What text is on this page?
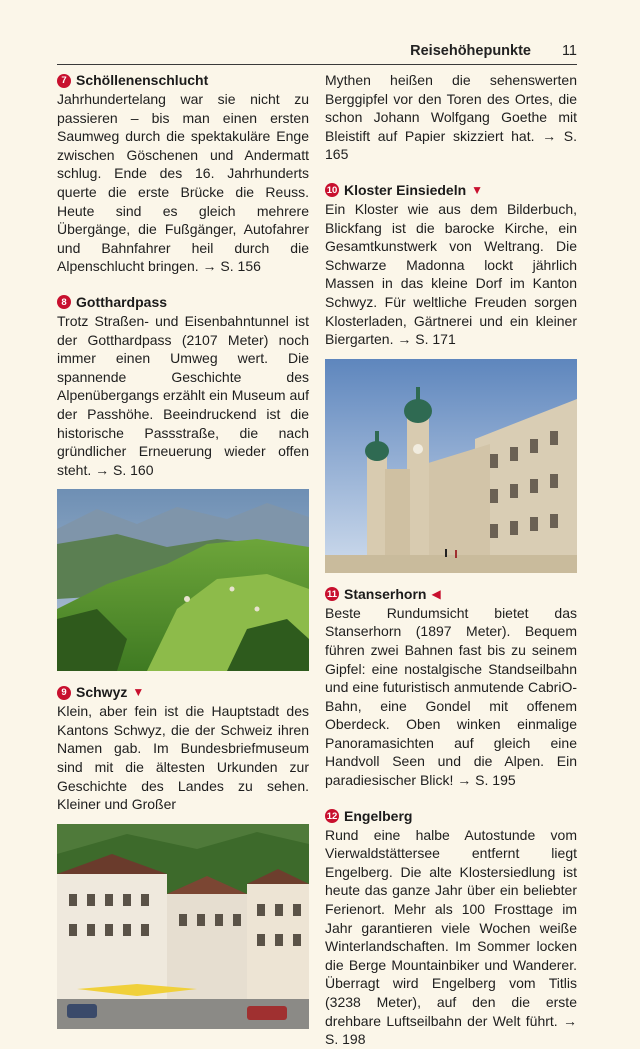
Reisehöhepunkte 11
7 Schöllenenschlucht

Jahrhundertelang war sie nicht zu passieren – bis man einen ersten Saumweg durch die spektakuläre Enge zwischen Göschenen und Andermatt schlug. Ende des 16. Jahrhunderts querte die erste Brücke die Reuss. Heute sind es gleich mehrere Übergänge, die Fußgänger, Autofahrer und Bahnfahrer heil durch die Alpenschlucht bringen. → S. 156

8 Gotthardpass

Trotz Straßen- und Eisenbahntunnel ist der Gotthardpass (2107 Meter) noch immer einen Umweg wert. Die spannende Geschichte des Alpenübergangs erzählt ein Museum auf der Passhöhe. Beeindruckend ist die historische Passstraße, die nach gründlicher Erneuerung wieder offen steht. → S. 160

9 Schwyz ▼

Klein, aber fein ist die Hauptstadt des Kantons Schwyz, die der Schweiz ihren Namen gab. Im Bundesbriefmuseum sind mit die ältesten Urkunden zur Geschichte des Landes zu sehen. Kleiner und Großer

Mythen heißen die sehenswerten Berggipfel vor den Toren des Ortes, die schon Johann Wolfgang Goethe mit Bleistift auf Papier skizziert hat. → S. 165

10 Kloster Einsiedeln ▼

Ein Kloster wie aus dem Bilderbuch, Blickfang ist die barocke Kirche, ein Gesamtkunstwerk von Weltrang. Die Schwarze Madonna lockt jährlich Massen in das kleine Dorf im Kanton Schwyz. Für weltliche Freuden sorgen Klosterladen, Gärtnerei und ein kleiner Biergarten. → S. 171

11 Stanserhorn ◀

Beste Rundumsicht bietet das Stanserhorn (1897 Meter). Bequem führen zwei Bahnen fast bis zu seinem Gipfel: eine nostalgische Standseilbahn und eine futuristisch anmutende CabriO-Bahn, eine Gondel mit offenem Oberdeck. Oben winken einmalige Panoramasichten auf gleich eine Handvoll Seen und die Alpen. Ein paradiesischer Blick! → S. 195

12 Engelberg

Rund eine halbe Autostunde vom Vierwaldstättersee entfernt liegt Engelberg. Die alte Klostersiedlung ist heute das ganze Jahr über ein beliebter Ferienort. Mehr als 100 Frosttage im Jahr garantieren viele Wochen weiße Winterlandschaften. Im Sommer locken die Berge Mountainbiker und Wanderer. Überragt wird Engelberg vom Titlis (3238 Meter), auf den die erste drehbare Luftseilbahn der Welt führt. → S. 198
